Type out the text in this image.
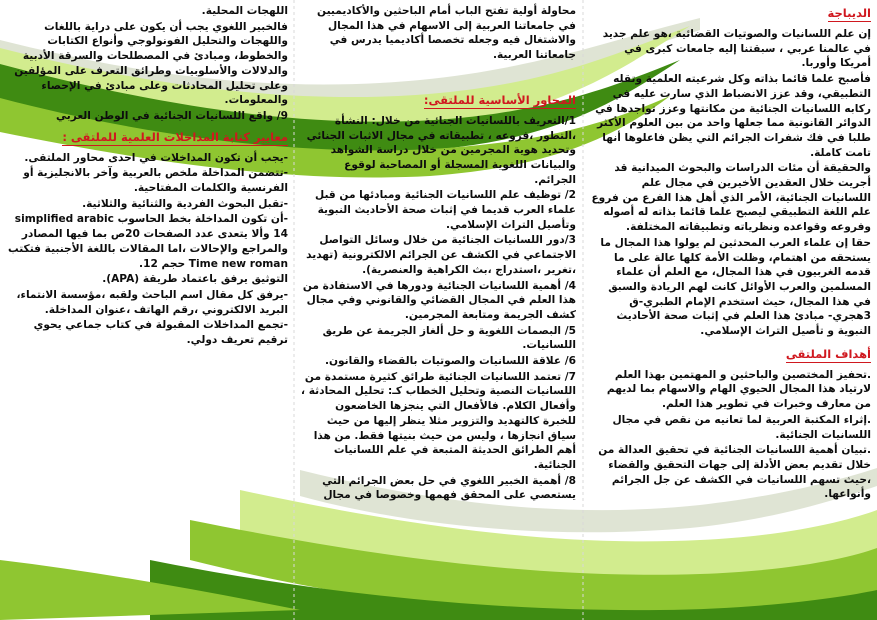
الديباجة

إن علم اللسانيات والصوتيات القضائية ،هو علم جديد في عالمنا عربي ، سبقتنا إليه جامعات كبرى في أمريكا وأوربا.

فأصبح علما قائما بذاته وكل شرعيته العلمية وتقله التطبيقي، وقد عزز الانضباط الذي سارت عليه في ركابه اللسانيات الجنائية من مكانتها وعزز تواجدها في الدوائر القانونية مما جعلها واحد من بين العلوم الأكثر طلبا في فك شفرات الجرائم التي يظن فاعلوها أنها تامت كاملة.

والحقيقة أن مئات الدراسات والبحوث الميدانية قد أجريت خلال العقدين الأخيرين في مجال علم اللسانيات الجنائية، الأمر الذي أهل هذا الفرع من فروع علم اللغة التطبيقي ليصبح علما قائما بذاته له أصوله وفروعه وقواعده ونظرياته وتطبيقاته المختلفة.

حقا إن علماء العرب المحدثين لم يولوا هذا المجال ما يستحقه من اهتمام، وظلت الأمة كلها عالة على ما قدمه الغربيون في هذا المجال، مع العلم أن علماء المسلمين والعرب الأوائل كانت لهم الريادة والسبق في هذا المجال، حيث استخدم الإمام الطبري-ق 3هجري- مبادئ هذا العلم في إثبات صحة الأحاديث النبوية و تأصيل التراث الإسلامي.

أهداف الملتقى

.تحفيز المختصين والباحثين و المهتمين بهذا العلم لارتياد هذا المجال الحيوي الهام والاسهام بما لديهم من معارف وخبرات في تطوير هذا العلم.

.إثراء المكتبة العربية لما تعانيه من نقص في مجال اللسانيات الجنائية.

.تبيان أهمية اللسانيات الجنائية في تحقيق العدالة من خلال تقديم بعض الأدلة إلى جهات التحقيق والقضاء ،حيث تسهم اللسانيات في الكشف عن جل الجرائم وأنواعها.

محاولة أولية تفتح الباب أمام الباحثين والأكاديميين في جامعاتنا العربية إلى الاسهام في هذا المجال والاشتغال فيه وجعله تخصصا أكاديميا يدرس في جامعاتنا العربية.

المحاور الأساسية للملتقى:

1/التعريف باللسانيات الجنائية من خلال: النشأة ،التطور ،فروعه ، تطبيقاته في مجال الاثبات الجنائي وتحديد هوية المجرمين من خلال دراسة الشواهد والبيانات اللغوية المسجلة أو المصاحبة لوقوع الجرائم.

2/ توظيف علم اللسانيات الجنائية ومبادئها من قبل علماء العرب قديما في إثبات صحة الأحاديث النبوية وتأصيل التراث الإسلامي.

3/دور اللسانيات الجنائية من خلال وسائل التواصل الاجتماعي في الكشف عن الجرائم الالكترونية (تهديد ،تغرير ،استدراج ،بث الكراهية والعنصرية).

4/ أهمية اللسانيات الجنائية ودورها في الاستفادة من هذا العلم في المجال القضائي والقانوني وفي مجال كشف الجريمة ومتابعة المجرمين.

5/ البصمات اللغوية و حل ألغاز الجريمة عن طريق اللسانيات.

6/ علاقة اللسانيات والصوتيات بالقضاء والقانون.

7/ تعتمد اللسانيات الجنائية طرائق كثيرة مستمدة من اللسانيات النصية وتحليل الخطاب كـ: تحليل المحادثة ، وأفعال الكلام. فالأفعال التي ينجزها الخاضعون للخبرة كالتهديد والتزوير مثلا ينظر إليها من حيث سياق انجازها ، وليس من حيث بنيتها فقط. من هذا أهم الطرائق الحديثة المتبعة في علم اللسانيات الجنائية.

8/ أهمية الخبير اللغوي في حل بعض الجرائم التي يستعصي على المحقق فهمها وخصوصا في مجال

اللهجات المحلية.

فالخبير اللغوي يجب أن يكون على دراية باللغات واللهجات والتحليل الفونولوجي وأنواع الكتابات والخطوط، ومبادئ في المصطلحات والسرقة الأدبية والدلالات والأسلوبيات وطرائق التعرف على المؤلفين وعلى تحليل المحادثات وعلى مبادئ في الإحصاء والمعلومات.

9/ واقع اللسانيات الجنائية في الوطن العربي

معايير كتابة المداخلات العلمية للملتقى :

-يجب أن تكون المداخلات في احدى محاور الملتقى.

-تتضمن المداخلة ملخص بالعربية وآخر بالانجليزية أو الفرنسية والكلمات المفتاحية.

-تقبل البحوث الفردية والثنائية والثلاثية.

-أن تكون المداخلة بخط الحاسوب simplified arabic 14 وألا يتعدى عدد الصفحات 20ص بما فيها المصادر والمراجع والإحالات ،اما المقالات باللغة الأجنبية فتكتب Time new roman حجم 12.

التوثيق يرفق باعتماد طريقة (APA).

-يرفق كل مقال اسم الباحث ولقبه ،مؤسسة الانتماء، البريد الالكتروني ،رقم الهاتف ،عنوان المداخلة.

-تجمع المداخلات المقبولة في كتاب جماعي يحوي ترقيم تعريف دولي.
